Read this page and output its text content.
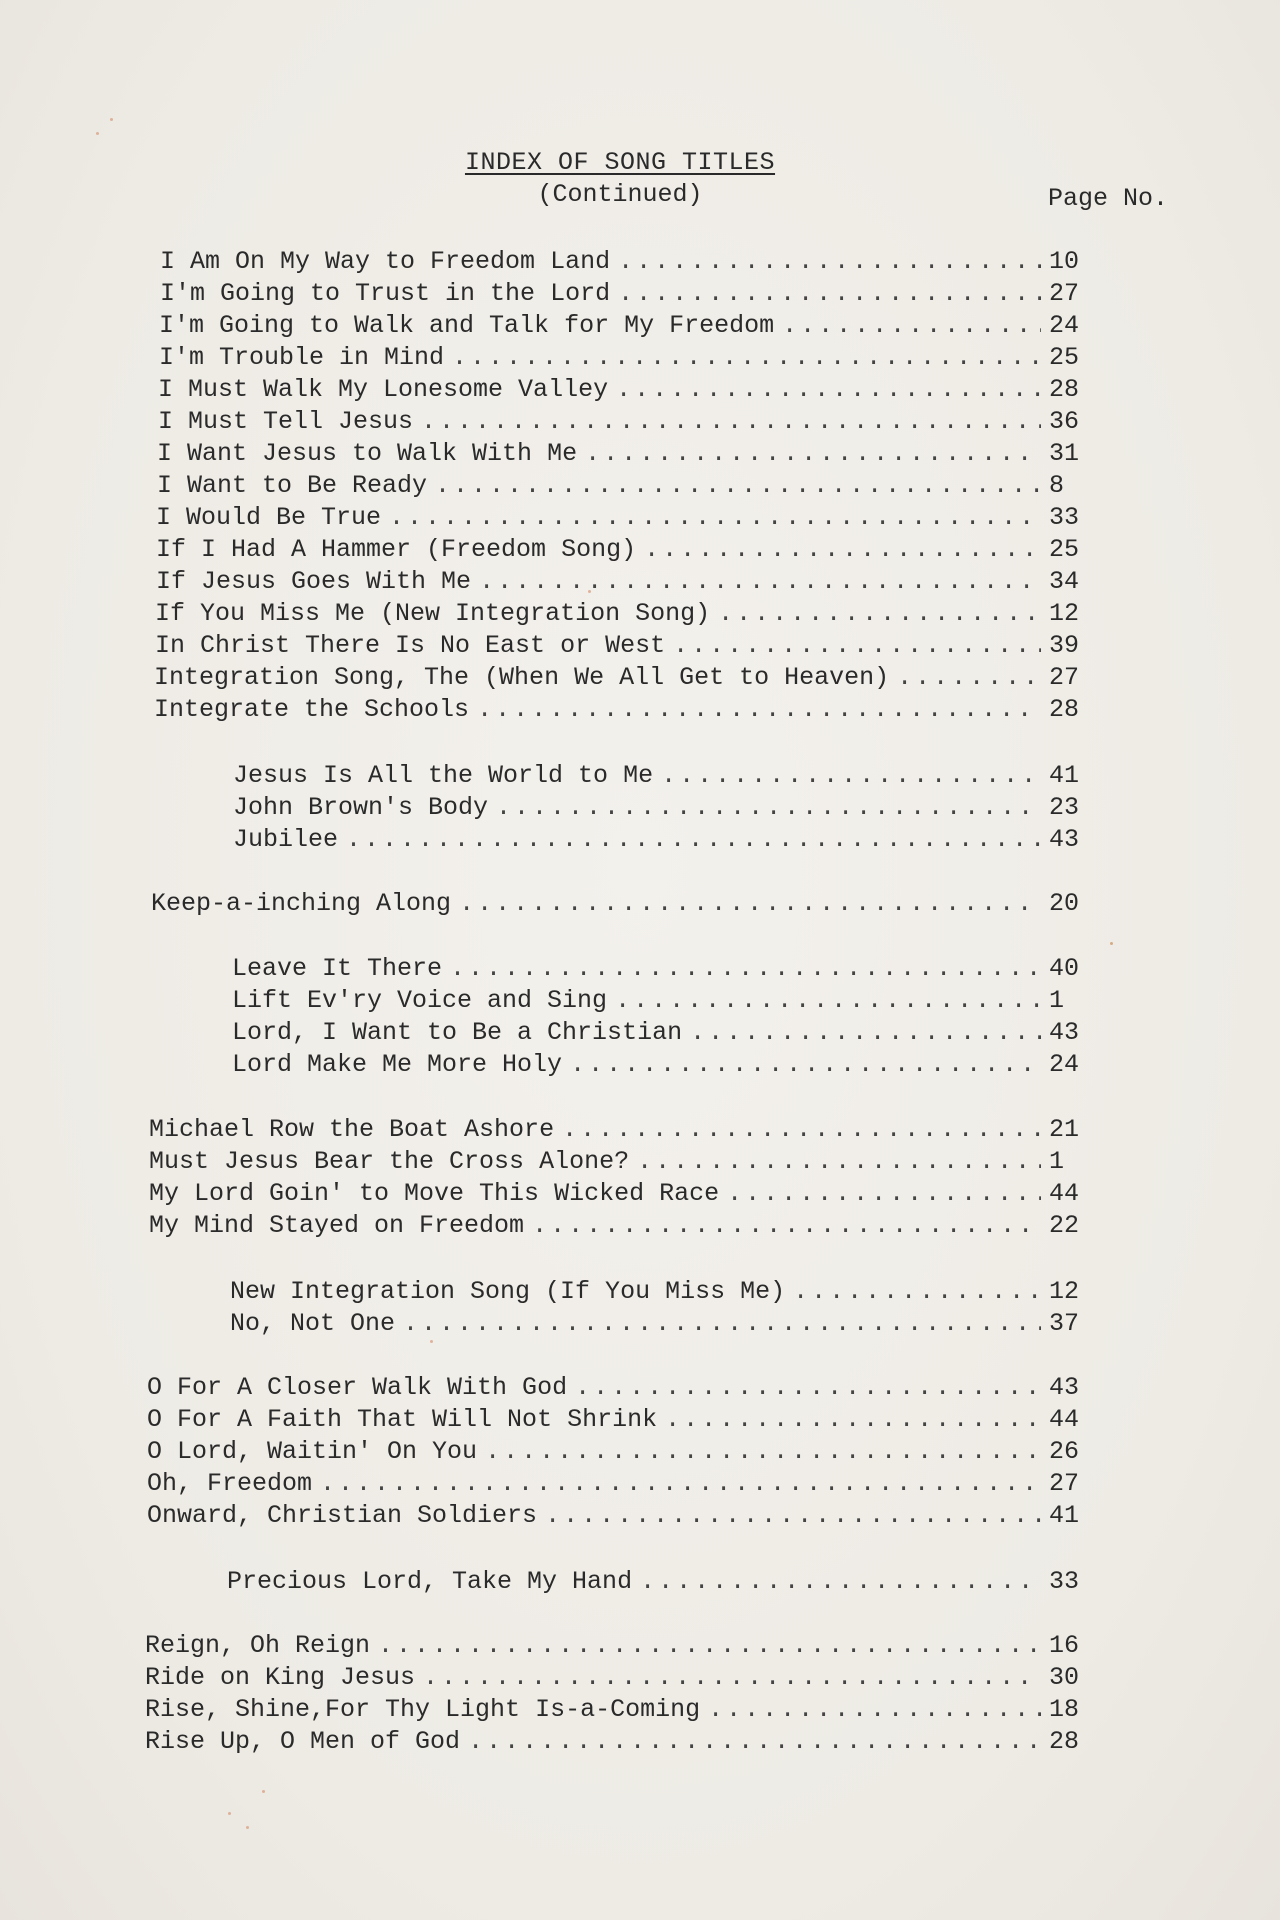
INDEX OF SONG TITLES
(Continued)	Page No.
I Am On My Way to Freedom Land .....	10
I'm Going to Trust in the Lord .....	27
I'm Going to Walk and Talk for My Freedom .....	24
I'm Trouble in Mind .....	25
I Must Walk My Lonesome Valley .....	28
I Must Tell Jesus .....	36
I Want Jesus to Walk With Me .....	31
I Want to Be Ready .....	8
I Would Be True .....	33
If I Had A Hammer (Freedom Song) .....	25
If Jesus Goes With Me .....	34
If You Miss Me (New Integration Song) .....	12
In Christ There Is No East or West .....	39
Integration Song, The (When We All Get to Heaven) .....	27
Integrate the Schools .....	28
Jesus Is All the World to Me .....	41
John Brown's Body .....	23
Jubilee .....	43
Keep-a-inching Along .....	20
Leave It There .....	40
Lift Ev'ry Voice and Sing .....	1
Lord, I Want to Be a Christian .....	43
Lord Make Me More Holy .....	24
Michael Row the Boat Ashore .....	21
Must Jesus Bear the Cross Alone? .....	1
My Lord Goin' to Move This Wicked Race .....	44
My Mind Stayed on Freedom .....	22
New Integration Song (If You Miss Me) .....	12
No, Not One .....	37
O For A Closer Walk With God .....	43
O For A Faith That Will Not Shrink .....	44
O Lord, Waitin' On You .....	26
Oh, Freedom .....	27
Onward, Christian Soldiers .....	41
Precious Lord, Take My Hand .....	33
Reign, Oh Reign .....	16
Ride on King Jesus .....	30
Rise, Shine,For Thy Light Is-a-Coming .....	18
Rise Up, O Men of God .....	28
